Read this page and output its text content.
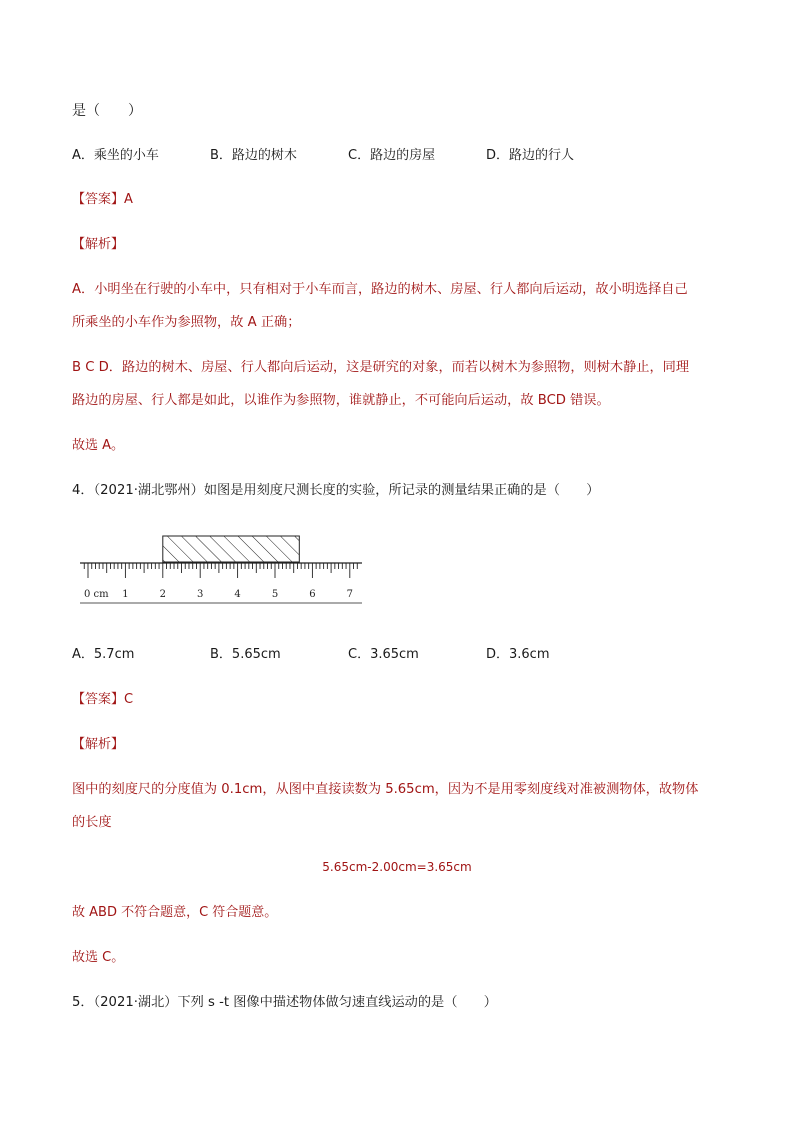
是（　　）
A．乘坐的小车	B．路边的树木	C．路边的房屋	D．路边的行人
【答案】A
【解析】
A．小明坐在行驶的小车中，只有相对于小车而言，路边的树木、房屋、行人都向后运动，故小明选择自己
所乘坐的小车作为参照物，故 A 正确；
B C D．路边的树木、房屋、行人都向后运动，这是研究的对象，而若以树木为参照物，则树木静止，同理
路边的房屋、行人都是如此，以谁作为参照物，谁就静止，不可能向后运动，故 BCD 错误。
故选 A。
4．（2021·湖北鄂州）如图是用刻度尺测长度的实验，所记录的测量结果正确的是（　　）
0 cm 1	2	3	4	5	6	7
A．5.7cm	B．5.65cm	C．3.65cm	D．3.6cm
【答案】C
【解析】
图中的刻度尺的分度值为 0.1cm，从图中直接读数为 5.65cm，因为不是用零刻度线对准被测物体，故物体
的长度
5.65cm-2.00cm=3.65cm
故 ABD 不符合题意，C 符合题意。
故选 C。
5．（2021·湖北）下列 s -t 图像中描述物体做匀速直线运动的是（　　）
